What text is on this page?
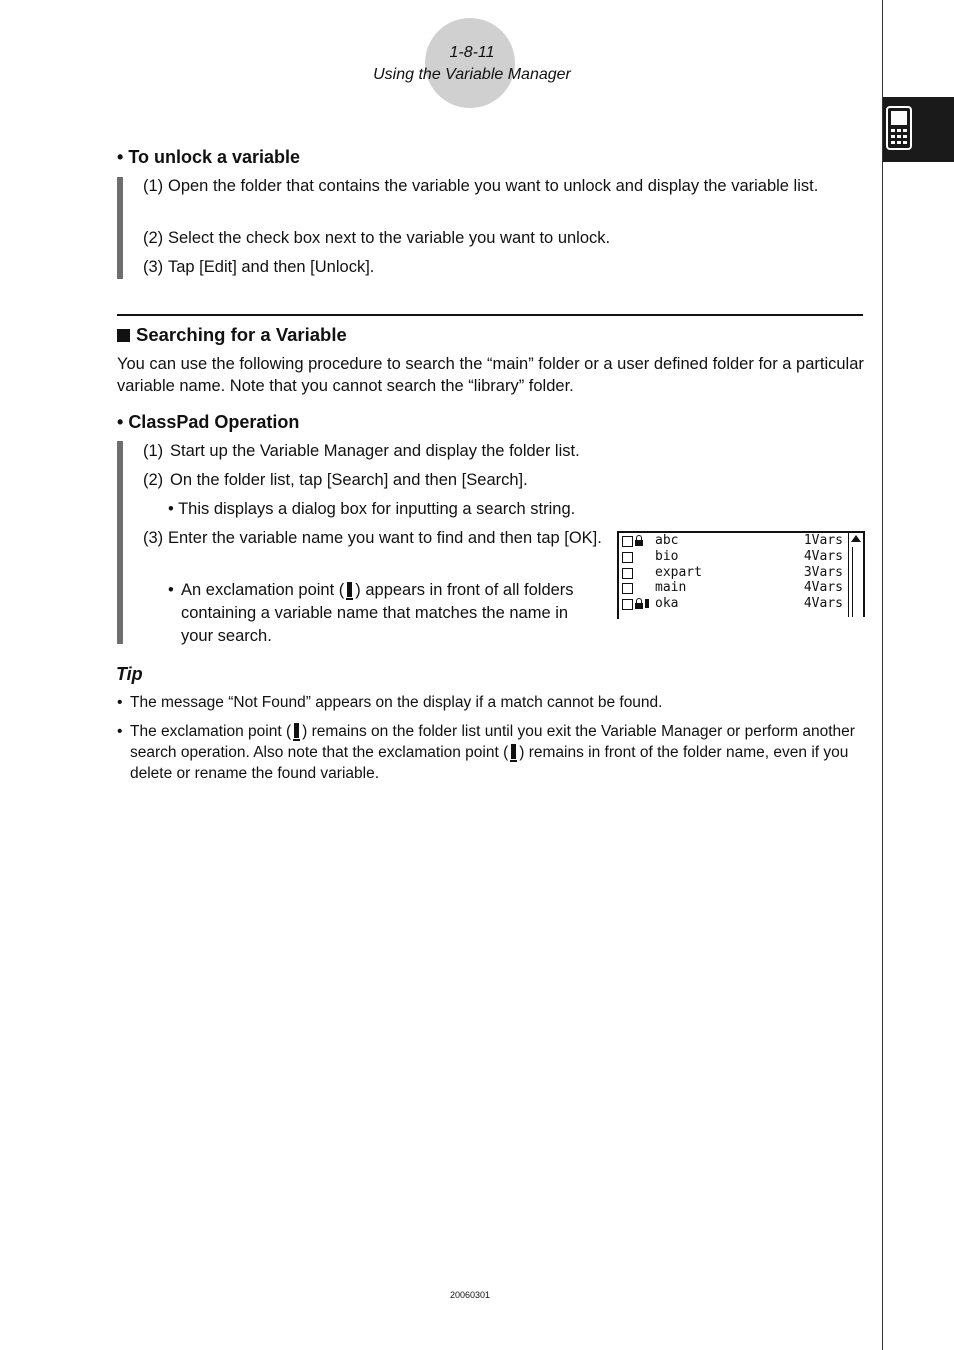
1-8-11
Using the Variable Manager
• To unlock a variable
(1) Open the folder that contains the variable you want to unlock and display the variable list.
(2) Select the check box next to the variable you want to unlock.
(3) Tap [Edit] and then [Unlock].
Searching for a Variable
You can use the following procedure to search the “main” folder or a user defined folder for a particular variable name. Note that you cannot search the “library” folder.
• ClassPad Operation
(1) Start up the Variable Manager and display the folder list.
(2) On the folder list, tap [Search] and then [Search].
• This displays a dialog box for inputting a search string.
(3) Enter the variable name you want to find and then tap [OK].
• An exclamation point ( ) appears in front of all folders containing a variable name that matches the name in your search.
abc	1Vars
bio	4Vars
expart	3Vars
main	4Vars
oka	4Vars
Tip
• The message “Not Found” appears on the display if a match cannot be found.
• The exclamation point ( ) remains on the folder list until you exit the Variable Manager or perform another search operation. Also note that the exclamation point ( ) remains in front of the folder name, even if you delete or rename the found variable.
20060301
